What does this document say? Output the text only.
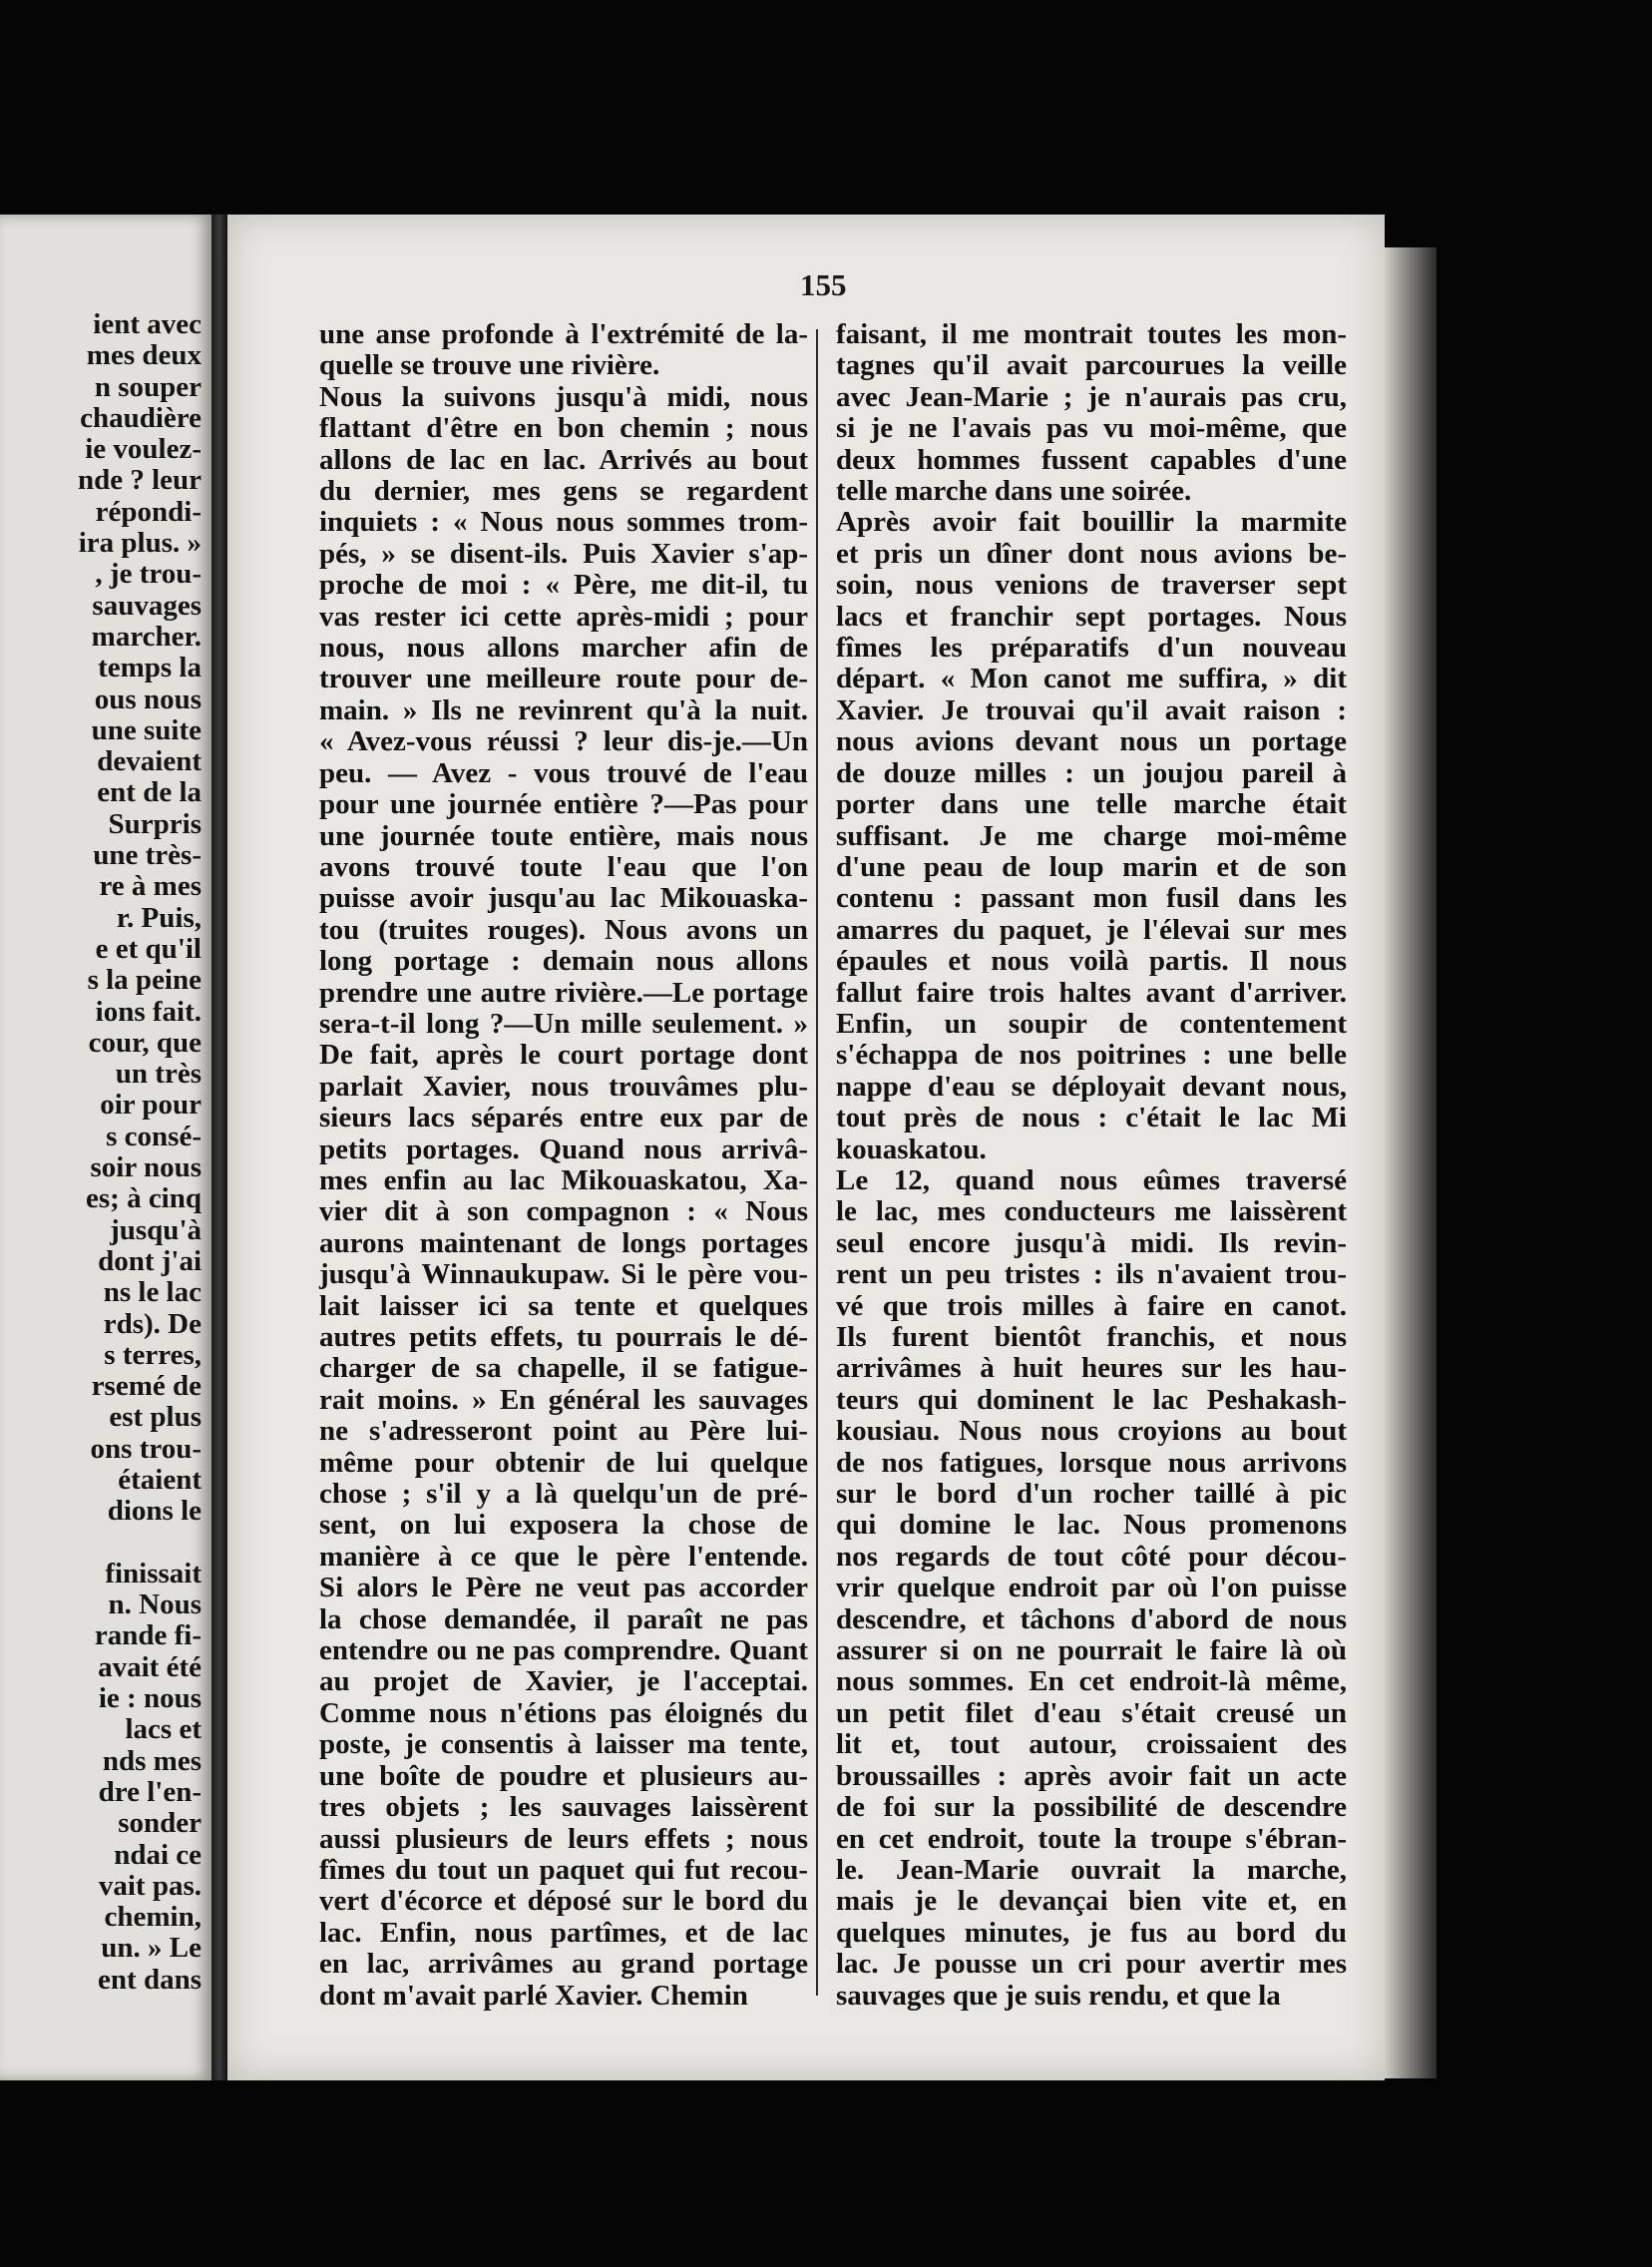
ient avec
mes deux
n souper
chaudière
ie voulez-
nde ? leur
répondi-
ira plus. »
, je trou-
sauvages
marcher.
temps la
ous nous
une suite
devaient
ent de la
Surpris
une très-
re à mes
r. Puis,
e et qu'il
s la peine
ions fait.
cour, que
un très
oir pour
s consé-
soir nous
es; à cinq
jusqu'à
dont j'ai
ns le lac
rds). De
s terres,
rsemé de
est plus
ons trou-
étaient
dions le

finissait
n. Nous
rande fi-
avait été
ie : nous
lacs et
nds mes
dre l'en-
sonder
ndai ce
vait pas.
chemin,
un. » Le
ent dans
155
une anse profonde à l'extrémité de la-
quelle se trouve une rivière.
Nous la suivons jusqu'à midi, nous
flattant d'être en bon chemin ; nous
allons de lac en lac. Arrivés au bout
du dernier, mes gens se regardent
inquiets : « Nous nous sommes trom-
pés, » se disent-ils. Puis Xavier s'ap-
proche de moi : « Père, me dit-il, tu
vas rester ici cette après-midi ; pour
nous, nous allons marcher afin de
trouver une meilleure route pour de-
main. » Ils ne revinrent qu'à la nuit.
« Avez-vous réussi ? leur dis-je.—Un
peu. — Avez - vous trouvé de l'eau
pour une journée entière ?—Pas pour
une journée toute entière, mais nous
avons trouvé toute l'eau que l'on
puisse avoir jusqu'au lac Mikouaska-
tou (truites rouges). Nous avons un
long portage : demain nous allons
prendre une autre rivière.—Le portage
sera-t-il long ?—Un mille seulement. »
De fait, après le court portage dont
parlait Xavier, nous trouvâmes plu-
sieurs lacs séparés entre eux par de
petits portages. Quand nous arrivâ-
mes enfin au lac Mikouaskatou, Xa-
vier dit à son compagnon : « Nous
aurons maintenant de longs portages
jusqu'à Winnaukupaw. Si le père vou-
lait laisser ici sa tente et quelques
autres petits effets, tu pourrais le dé-
charger de sa chapelle, il se fatigue-
rait moins. » En général les sauvages
ne s'adresseront point au Père lui-
même pour obtenir de lui quelque
chose ; s'il y a là quelqu'un de pré-
sent, on lui exposera la chose de
manière à ce que le père l'entende.
Si alors le Père ne veut pas accorder
la chose demandée, il paraît ne pas
entendre ou ne pas comprendre. Quant
au projet de Xavier, je l'acceptai.
Comme nous n'étions pas éloignés du
poste, je consentis à laisser ma tente,
une boîte de poudre et plusieurs au-
tres objets ; les sauvages laissèrent
aussi plusieurs de leurs effets ; nous
fîmes du tout un paquet qui fut recou-
vert d'écorce et déposé sur le bord du
lac. Enfin, nous partîmes, et de lac
en lac, arrivâmes au grand portage
dont m'avait parlé Xavier. Chemin
faisant, il me montrait toutes les mon-
tagnes qu'il avait parcourues la veille
avec Jean-Marie ; je n'aurais pas cru,
si je ne l'avais pas vu moi-même, que
deux hommes fussent capables d'une
telle marche dans une soirée.
Après avoir fait bouillir la marmite
et pris un dîner dont nous avions be-
soin, nous venions de traverser sept
lacs et franchir sept portages. Nous
fîmes les préparatifs d'un nouveau
départ. « Mon canot me suffira, » dit
Xavier. Je trouvai qu'il avait raison :
nous avions devant nous un portage
de douze milles : un joujou pareil à
porter dans une telle marche était
suffisant. Je me charge moi-même
d'une peau de loup marin et de son
contenu : passant mon fusil dans les
amarres du paquet, je l'élevai sur mes
épaules et nous voilà partis. Il nous
fallut faire trois haltes avant d'arriver.
Enfin, un soupir de contentement
s'échappa de nos poitrines : une belle
nappe d'eau se déployait devant nous,
tout près de nous : c'était le lac Mi
kouaskatou.
Le 12, quand nous eûmes traversé
le lac, mes conducteurs me laissèrent
seul encore jusqu'à midi. Ils revin-
rent un peu tristes : ils n'avaient trou-
vé que trois milles à faire en canot.
Ils furent bientôt franchis, et nous
arrivâmes à huit heures sur les hau-
teurs qui dominent le lac Peshakash-
kousiau. Nous nous croyions au bout
de nos fatigues, lorsque nous arrivons
sur le bord d'un rocher taillé à pic
qui domine le lac. Nous promenons
nos regards de tout côté pour décou-
vrir quelque endroit par où l'on puisse
descendre, et tâchons d'abord de nous
assurer si on ne pourrait le faire là où
nous sommes. En cet endroit-là même,
un petit filet d'eau s'était creusé un
lit et, tout autour, croissaient des
broussailles : après avoir fait un acte
de foi sur la possibilité de descendre
en cet endroit, toute la troupe s'ébran-
le. Jean-Marie ouvrait la marche,
mais je le devançai bien vite et, en
quelques minutes, je fus au bord du
lac. Je pousse un cri pour avertir mes
sauvages que je suis rendu, et que la
